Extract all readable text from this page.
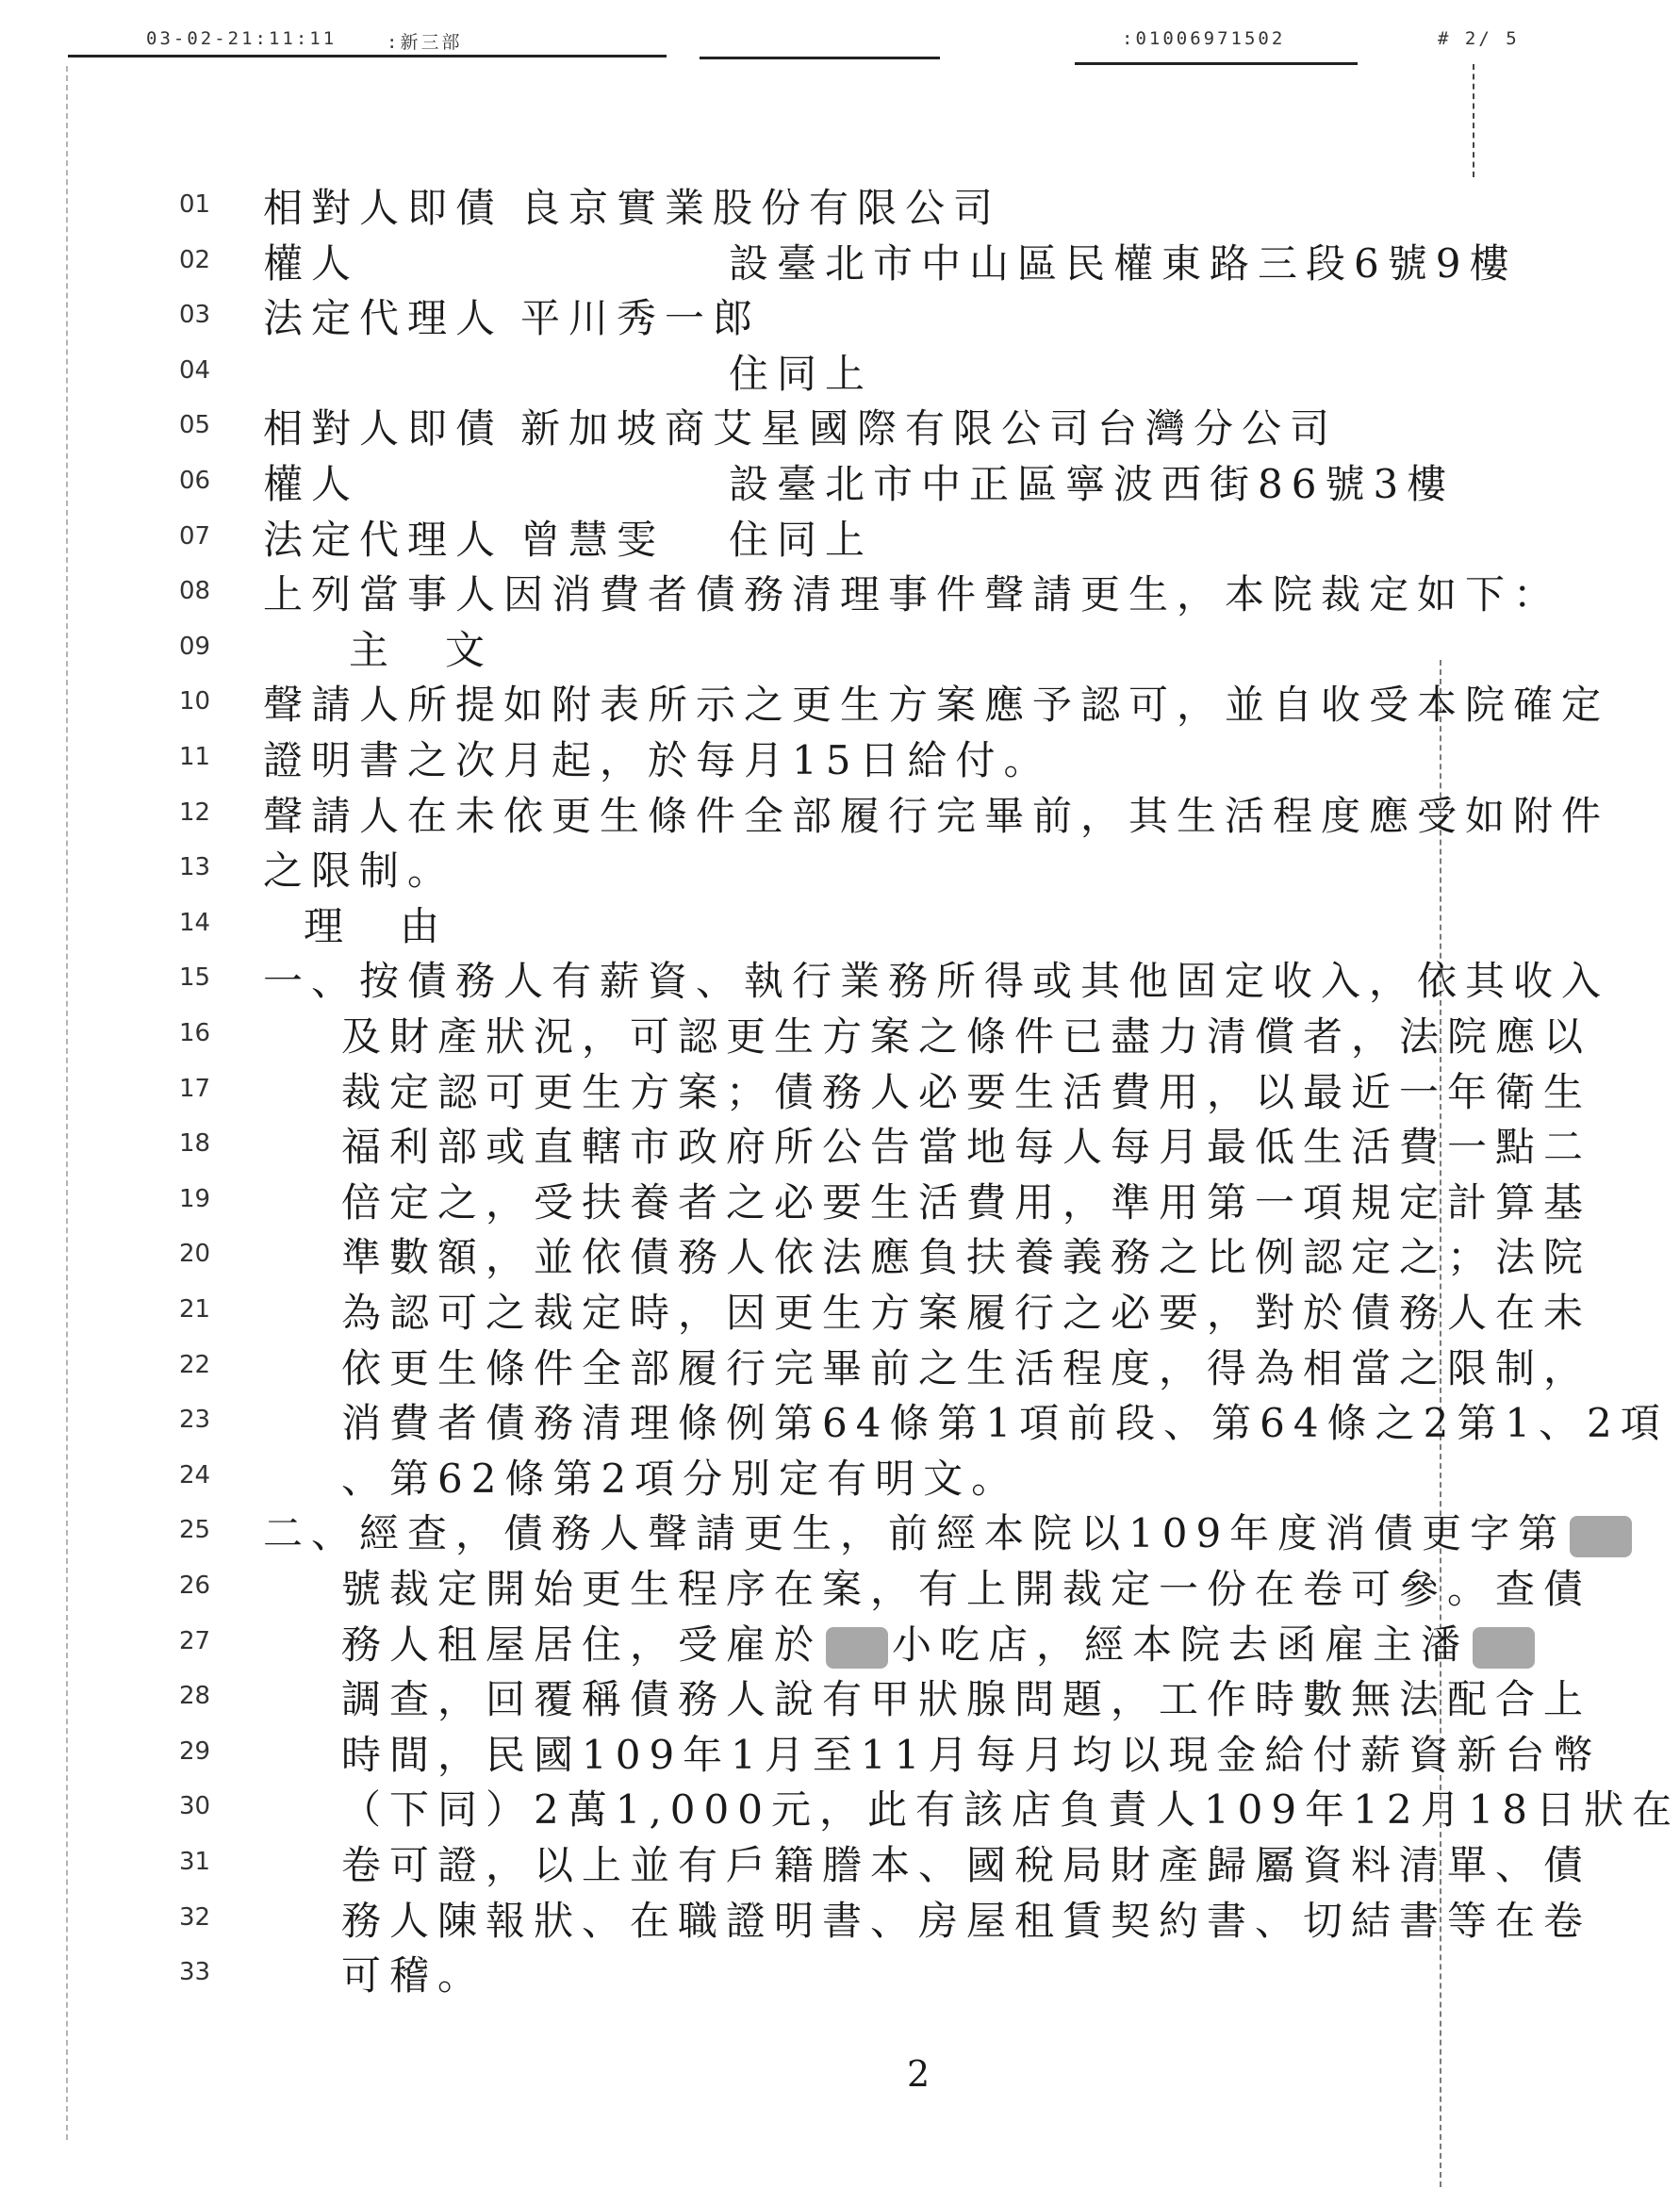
03-02-21:11:11	:新三部	:01006971502	# 2/ 5
01 相對人即債 良京實業股份有限公司
02 權人	設臺北市中山區民權東路三段6號9樓
03 法定代理人 平川秀一郎
04	住同上
05 相對人即債 新加坡商艾星國際有限公司台灣分公司
06 權人	設臺北市中正區寧波西街86號3樓
07 法定代理人 曾慧雯 住同上
08 上列當事人因消費者債務清理事件聲請更生，本院裁定如下：
09	主　文
10 聲請人所提如附表所示之更生方案應予認可，並自收受本院確定
11 證明書之次月起，於每月15日給付。
12 聲請人在未依更生條件全部履行完畢前，其生活程度應受如附件
13 之限制。
14 理　由
15 一、按債務人有薪資、執行業務所得或其他固定收入，依其收入
16	及財產狀況，可認更生方案之條件已盡力清償者，法院應以
17	裁定認可更生方案；債務人必要生活費用，以最近一年衛生
18	福利部或直轄市政府所公告當地每人每月最低生活費一點二
19	倍定之，受扶養者之必要生活費用，準用第一項規定計算基
20	準數額，並依債務人依法應負扶養義務之比例認定之；法院
21	為認可之裁定時，因更生方案履行之必要，對於債務人在未
22	依更生條件全部履行完畢前之生活程度，得為相當之限制，
23	消費者債務清理條例第64條第1項前段、第64條之2第1、2項
24	、第62條第2項分別定有明文。
25 二、經查，債務人聲請更生，前經本院以109年度消債更字第
26	號裁定開始更生程序在案，有上開裁定一份在卷可參。查債
27	務人租屋居住，受雇於 小吃店，經本院去函雇主潘
28	調查，回覆稱債務人說有甲狀腺問題，工作時數無法配合上
29	時間，民國109年1月至11月每月均以現金給付薪資新台幣
30	（下同）2萬1,000元，此有該店負責人109年12月18日狀在
31	卷可證，以上並有戶籍謄本、國稅局財產歸屬資料清單、債
32	務人陳報狀、在職證明書、房屋租賃契約書、切結書等在卷
33	可稽。
2
